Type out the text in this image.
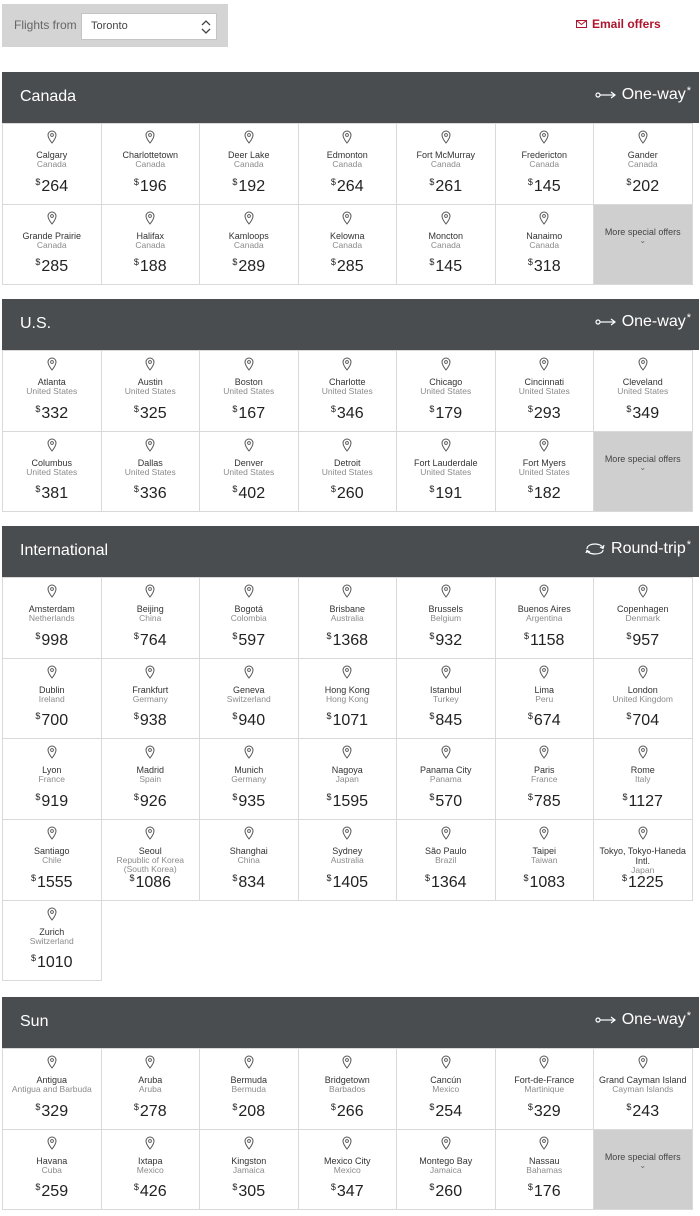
Flights from Toronto	Email offers
Canada	One-way*
Calgary
Canada
$264
Charlottetown
Canada
$196
Deer Lake
Canada
$192
Edmonton
Canada
$264
Fort McMurray
Canada
$261
Fredericton
Canada
$145
Gander
Canada
$202
Grande Prairie
Canada
$285
Halifax
Canada
$188
Kamloops
Canada
$289
Kelowna
Canada
$285
Moncton
Canada
$145
Nanaimo
Canada
$318
More special offers
⌄
U.S.	One-way*
Atlanta
United States
$332
Austin
United States
$325
Boston
United States
$167
Charlotte
United States
$346
Chicago
United States
$179
Cincinnati
United States
$293
Cleveland
United States
$349
Columbus
United States
$381
Dallas
United States
$336
Denver
United States
$402
Detroit
United States
$260
Fort Lauderdale
United States
$191
Fort Myers
United States
$182
More special offers
⌄
International	Round-trip*
Amsterdam
Netherlands
$998
Beijing
China
$764
Bogotá
Colombia
$597
Brisbane
Australia
$1368
Brussels
Belgium
$932
Buenos Aires
Argentina
$1158
Copenhagen
Denmark
$957
Dublin
Ireland
$700
Frankfurt
Germany
$938
Geneva
Switzerland
$940
Hong Kong
Hong Kong
$1071
Istanbul
Turkey
$845
Lima
Peru
$674
London
United Kingdom
$704
Lyon
France
$919
Madrid
Spain
$926
Munich
Germany
$935
Nagoya
Japan
$1595
Panama City
Panama
$570
Paris
France
$785
Rome
Italy
$1127
Santiago
Chile
$1555
Seoul
Republic of Korea (South Korea)
$1086
Shanghai
China
$834
Sydney
Australia
$1405
São Paulo
Brazil
$1364
Taipei
Taiwan
$1083
Tokyo, Tokyo-Haneda Intl.
Japan
$1225
Zurich
Switzerland
$1010
Sun	One-way*
Antigua
Antigua and Barbuda
$329
Aruba
Aruba
$278
Bermuda
Bermuda
$208
Bridgetown
Barbados
$266
Cancún
Mexico
$254
Fort-de-France
Martinique
$329
Grand Cayman Island
Cayman Islands
$243
Havana
Cuba
$259
Ixtapa
Mexico
$426
Kingston
Jamaica
$305
Mexico City
Mexico
$347
Montego Bay
Jamaica
$260
Nassau
Bahamas
$176
More special offers
⌄
